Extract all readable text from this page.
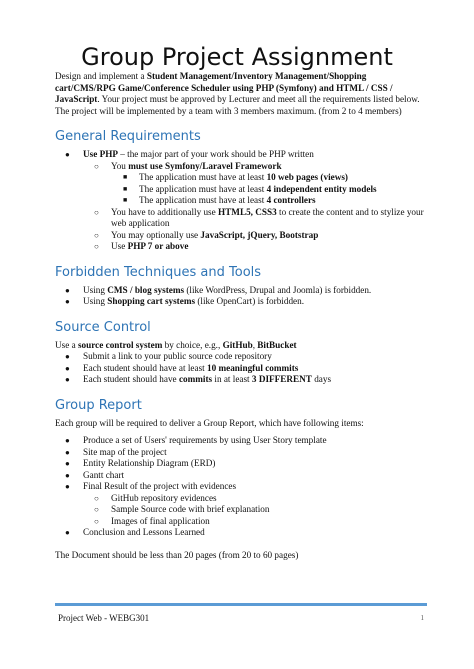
Group Project Assignment

Design and implement a Student Management/Inventory Management/Shopping cart/CMS/RPG Game/Conference Scheduler using PHP (Symfony) and HTML / CSS / JavaScript. Your project must be approved by Lecturer and meet all the requirements listed below.

The project will be implemented by a team with 3 members maximum. (from 2 to 4 members)

General Requirements
● Use PHP – the major part of your work should be PHP written
○ You must use Symfony/Laravel Framework
■ The application must have at least 10 web pages (views)
■ The application must have at least 4 independent entity models
■ The application must have at least 4 controllers
○ You have to additionally use HTML5, CSS3 to create the content and to stylize your web application
○ You may optionally use JavaScript, jQuery, Bootstrap
○ Use PHP 7 or above
Forbidden Techniques and Tools
● Using CMS / blog systems (like WordPress, Drupal and Joomla) is forbidden.
● Using Shopping cart systems (like OpenCart) is forbidden.
Source Control

Use a source control system by choice, e.g., GitHub, BitBucket

● Submit a link to your public source code repository
● Each student should have at least 10 meaningful commits
● Each student should have commits in at least 3 DIFFERENT days
Group Report

Each group will be required to deliver a Group Report, which have following items:

● Produce a set of Users' requirements by using User Story template
● Site map of the project
● Entity Relationship Diagram (ERD)
● Gantt chart
● Final Result of the project with evidences
○ GitHub repository evidences
○ Sample Source code with brief explanation
○ Images of final application
● Conclusion and Lessons Learned

The Document should be less than 20 pages (from 20 to 60 pages)

Project Web - WEBG301	1
